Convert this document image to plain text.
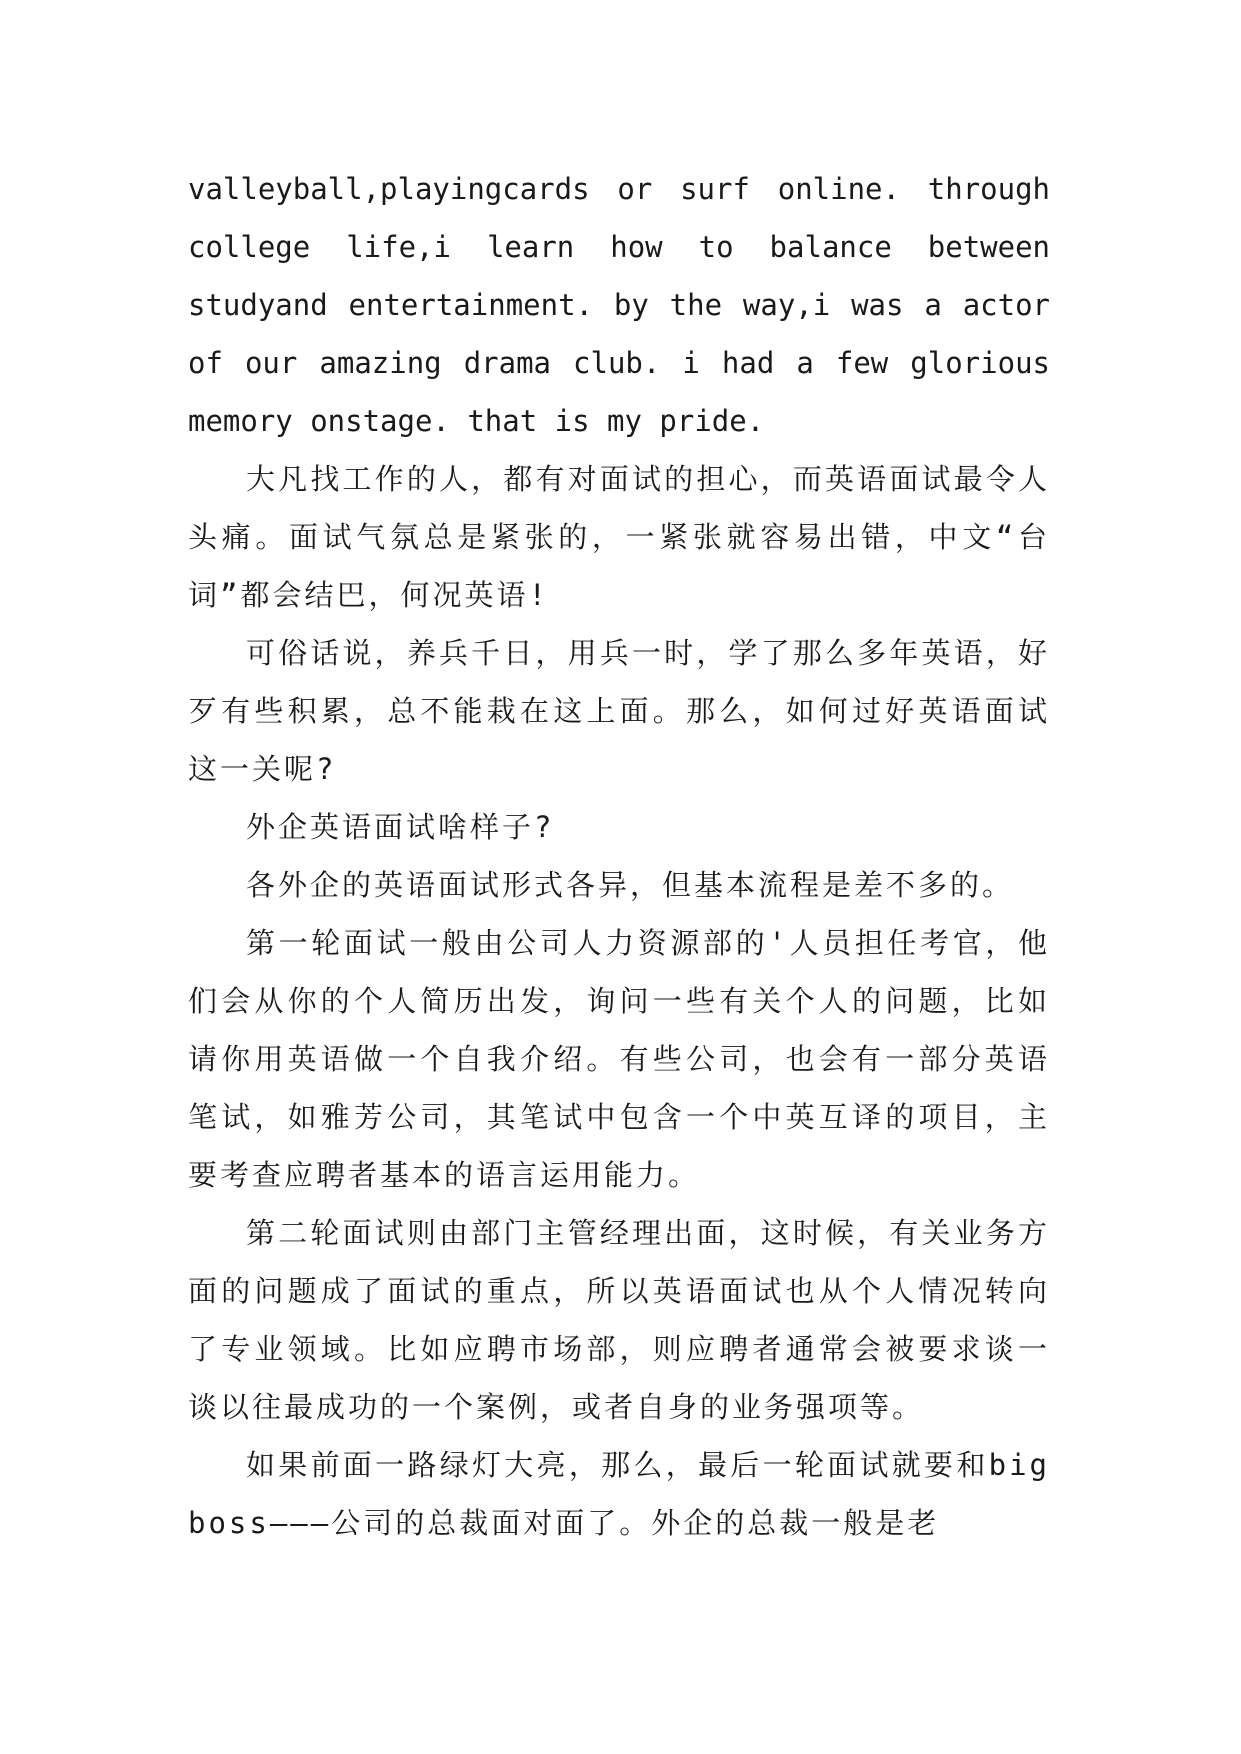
valleyball,playingcards or surf online. through college life,i learn how to balance between studyand entertainment. by the way,i was a actor of our amazing drama club. i had a few glorious memory onstage. that is my pride.

大凡找工作的人，都有对面试的担心，而英语面试最令人头痛。面试气氛总是紧张的，一紧张就容易出错，中文“台词”都会结巴，何况英语!

可俗话说，养兵千日，用兵一时，学了那么多年英语，好歹有些积累，总不能栽在这上面。那么，如何过好英语面试这一关呢?

外企英语面试啥样子?

各外企的英语面试形式各异，但基本流程是差不多的。

第一轮面试一般由公司人力资源部的'人员担任考官，他们会从你的个人简历出发，询问一些有关个人的问题，比如请你用英语做一个自我介绍。有些公司，也会有一部分英语笔试，如雅芳公司，其笔试中包含一个中英互译的项目，主要考查应聘者基本的语言运用能力。

第二轮面试则由部门主管经理出面，这时候，有关业务方面的问题成了面试的重点，所以英语面试也从个人情况转向了专业领域。比如应聘市场部，则应聘者通常会被要求谈一谈以往最成功的一个案例，或者自身的业务强项等。

如果前面一路绿灯大亮，那么，最后一轮面试就要和bigboss———公司的总裁面对面了。外企的总裁一般是老
